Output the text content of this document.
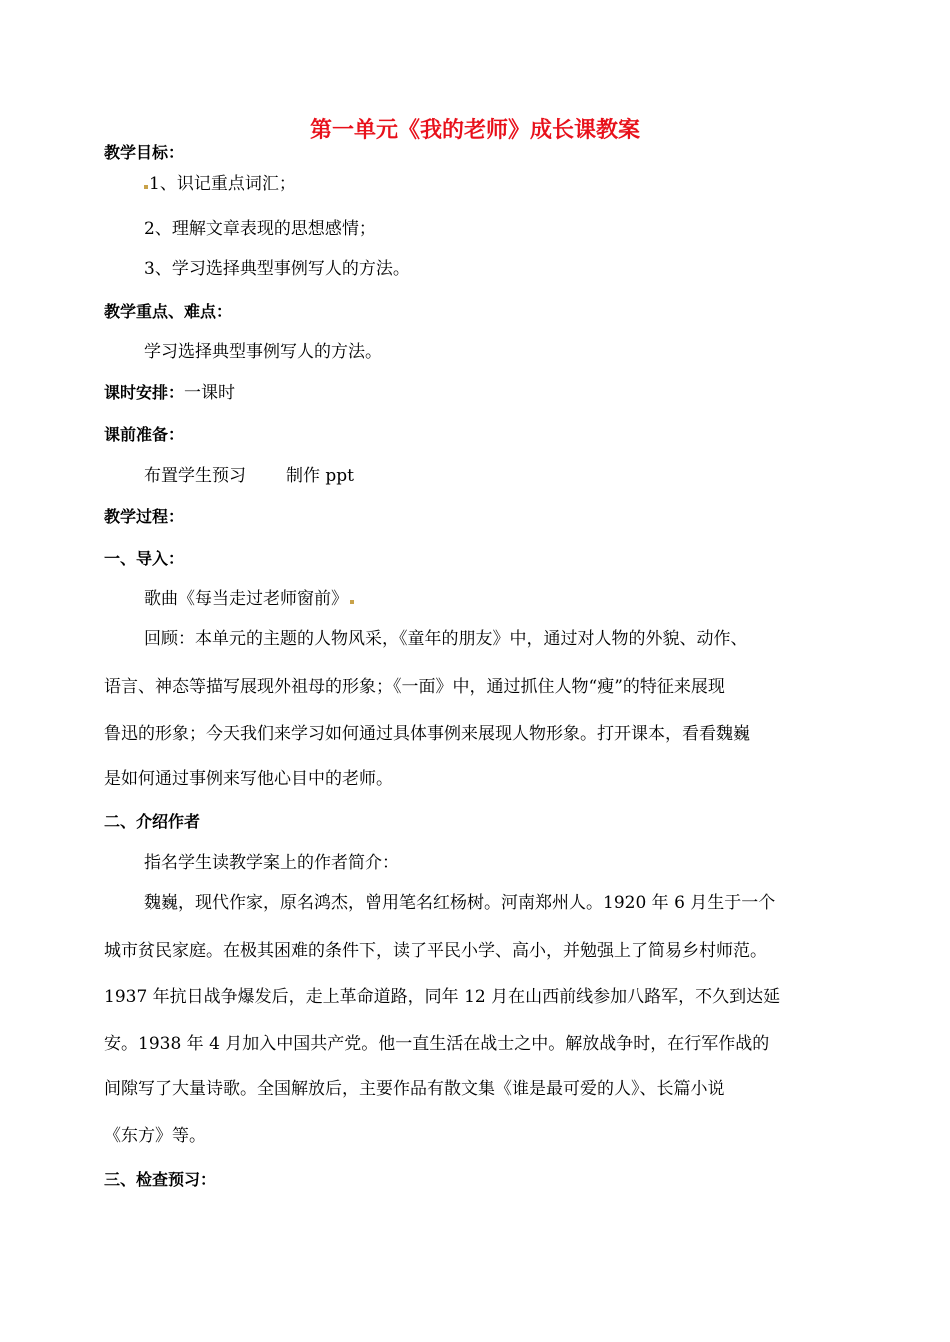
第一单元《我的老师》成长课教案
教学目标：
1、识记重点词汇；
2、理解文章表现的思想感情；
3、学习选择典型事例写人的方法。
教学重点、难点：
学习选择典型事例写人的方法。
课时安排：一课时
课前准备：
布置学生预习 制作 ppt
教学过程：
一、导入：
歌曲《每当走过老师窗前》
回顾：本单元的主题的人物风采，《童年的朋友》中，通过对人物的外貌、动作、
语言、神态等描写展现外祖母的形象；《一面》中，通过抓住人物“瘦”的特征来展现
鲁迅的形象；今天我们来学习如何通过具体事例来展现人物形象。打开课本，看看魏巍
是如何通过事例来写他心目中的老师。
二、介绍作者
指名学生读教学案上的作者简介：
魏巍，现代作家，原名鸿杰，曾用笔名红杨树。河南郑州人。1920 年 6 月生于一个
城市贫民家庭。在极其困难的条件下，读了平民小学、高小，并勉强上了简易乡村师范。
1937 年抗日战争爆发后，走上革命道路，同年 12 月在山西前线参加八路军，不久到达延
安。1938 年 4 月加入中国共产党。他一直生活在战士之中。解放战争时，在行军作战的
间隙写了大量诗歌。全国解放后，主要作品有散文集《谁是最可爱的人》、长篇小说
《东方》等。
三、检查预习：
